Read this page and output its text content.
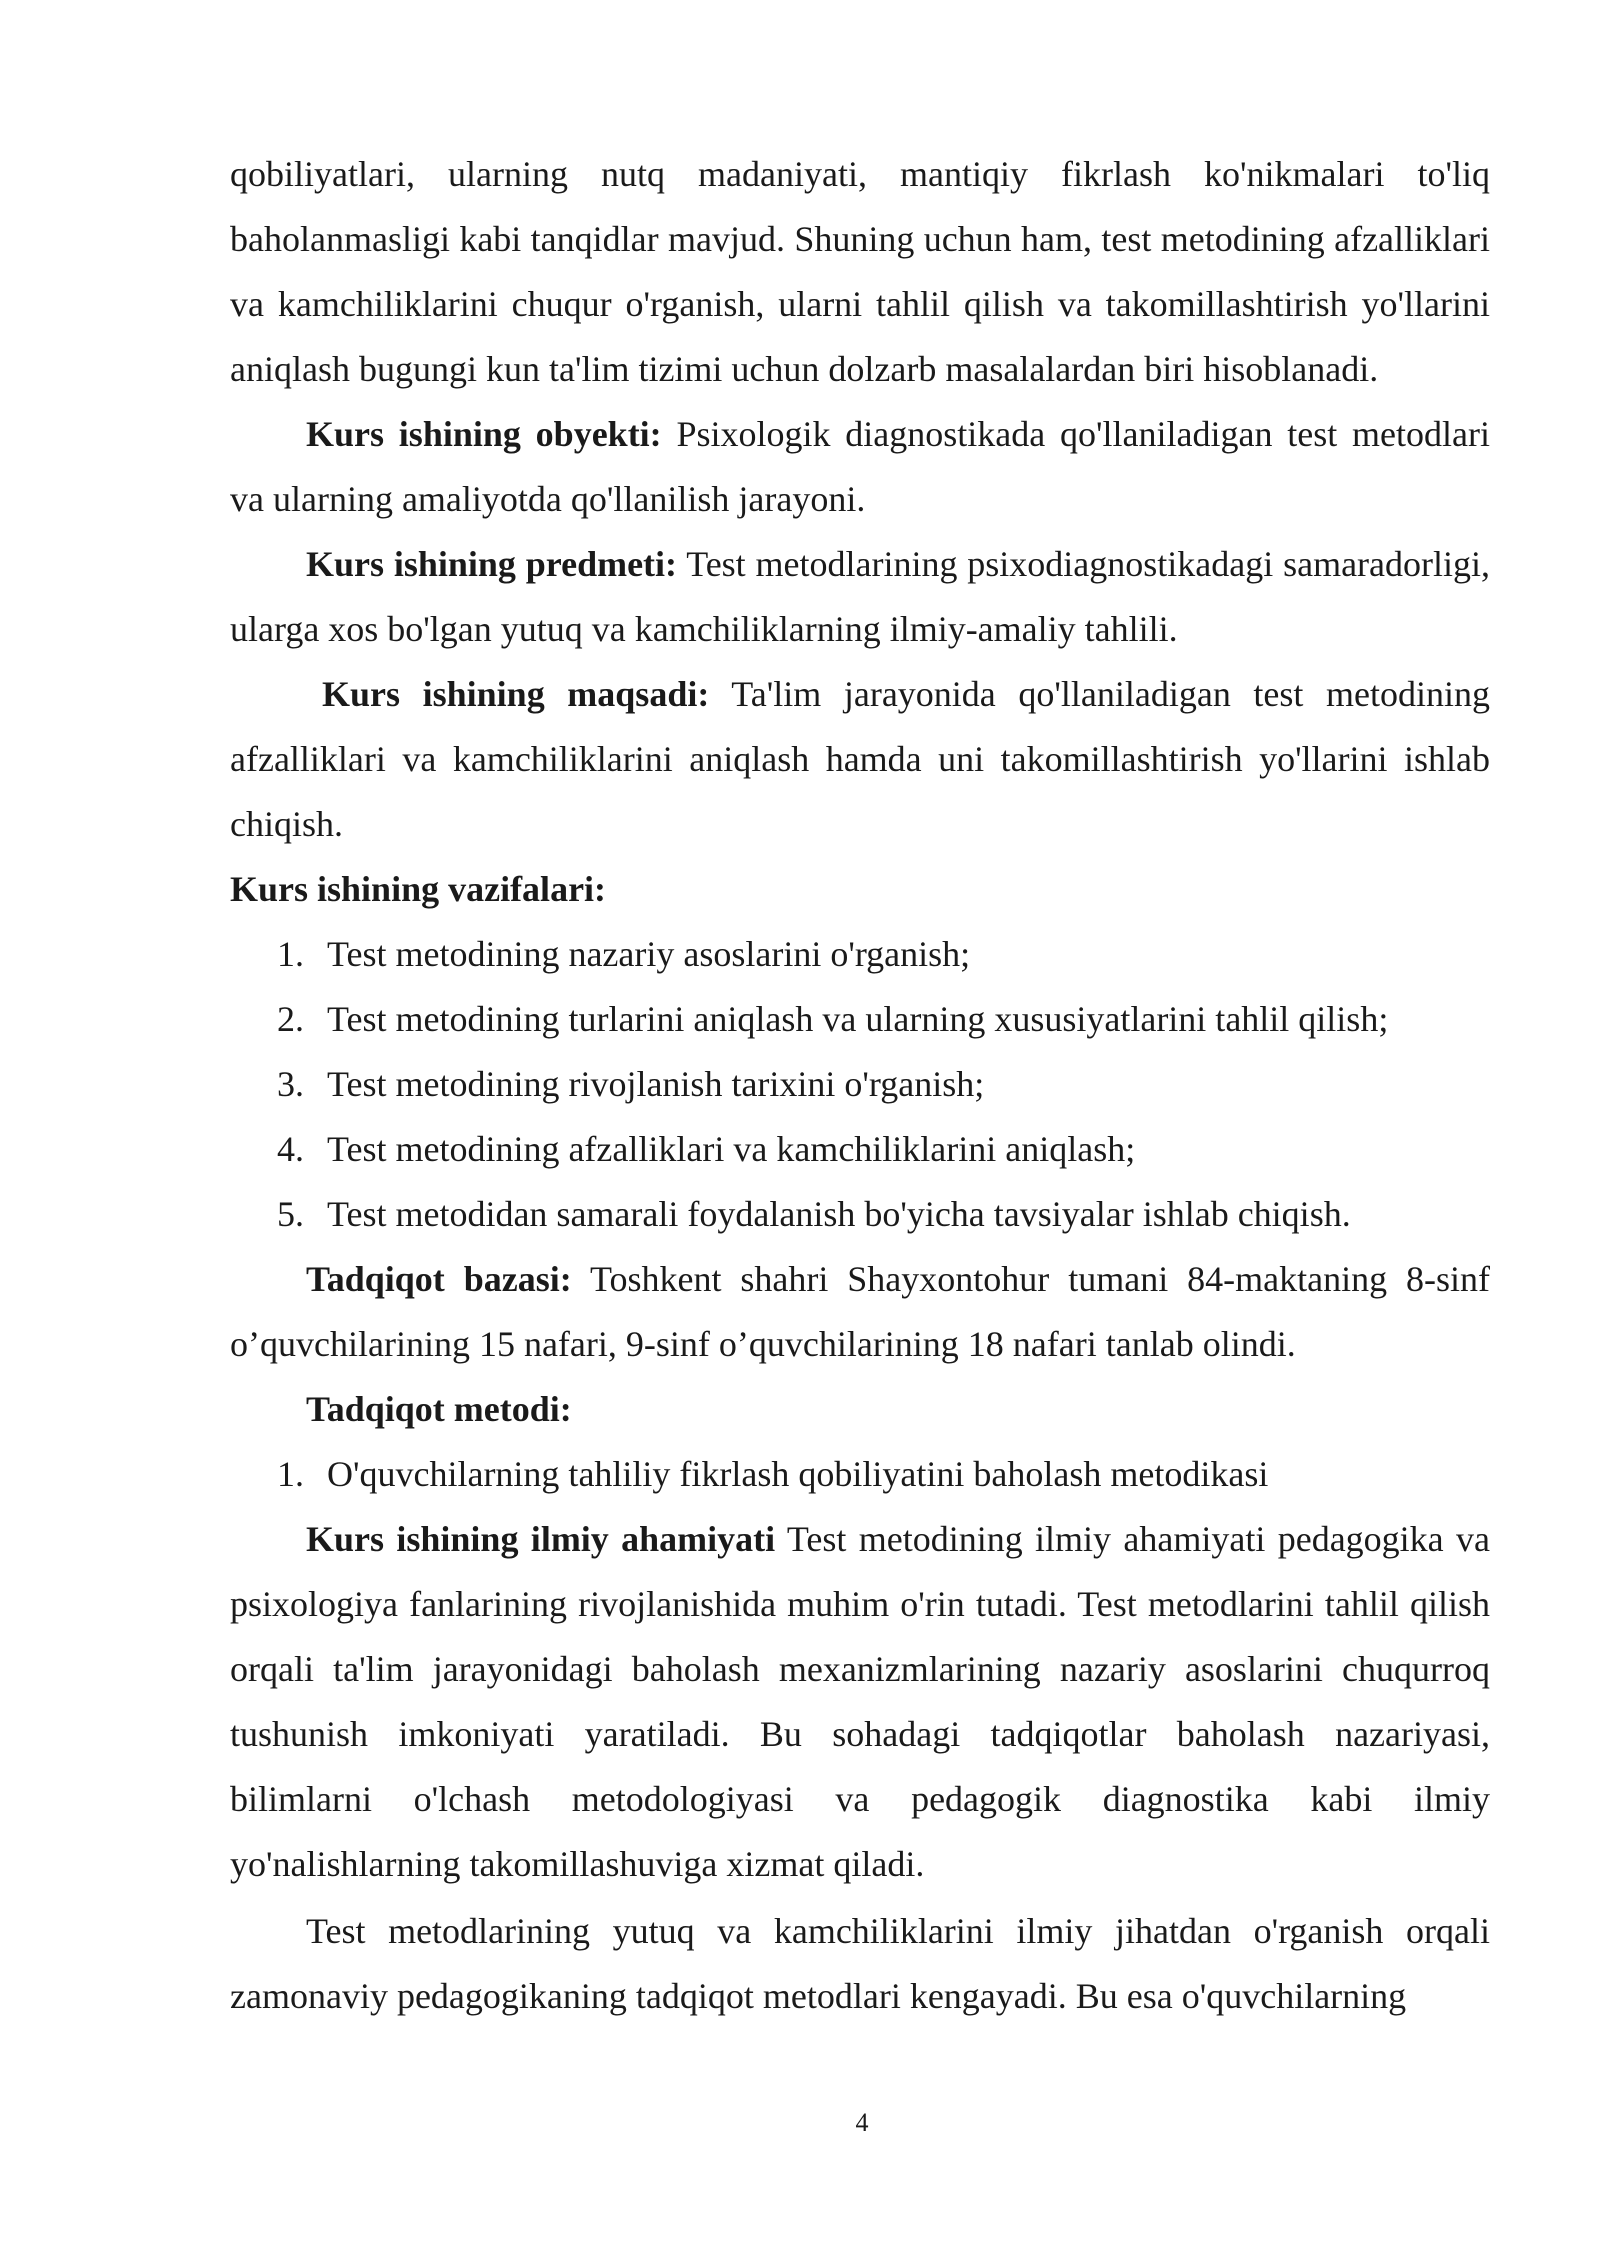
qobiliyatlari, ularning nutq madaniyati, mantiqiy fikrlash ko'nikmalari to'liq baholanmasligi kabi tanqidlar mavjud. Shuning uchun ham, test metodining afzalliklari va kamchiliklarini chuqur o'rganish, ularni tahlil qilish va takomillashtirish yo'llarini aniqlash bugungi kun ta'lim tizimi uchun dolzarb masalalardan biri hisoblanadi.

Kurs ishining obyekti: Psixologik diagnostikada qo'llaniladigan test metodlari va ularning amaliyotda qo'llanilish jarayoni.

Kurs ishining predmeti: Test metodlarining psixodiagnostikadagi samaradorligi, ularga xos bo'lgan yutuq va kamchiliklarning ilmiy-amaliy tahlili.

Kurs ishining maqsadi: Ta'lim jarayonida qo'llaniladigan test metodining afzalliklari va kamchiliklarini aniqlash hamda uni takomillashtirish yo'llarini ishlab chiqish.

Kurs ishining vazifalari:

1. Test metodining nazariy asoslarini o'rganish;

2. Test metodining turlarini aniqlash va ularning xususiyatlarini tahlil qilish;

3. Test metodining rivojlanish tarixini o'rganish;

4. Test metodining afzalliklari va kamchiliklarini aniqlash;

5. Test metodidan samarali foydalanish bo'yicha tavsiyalar ishlab chiqish.

Tadqiqot bazasi: Toshkent shahri Shayxontohur tumani 84-maktaning 8-sinf o’quvchilarining 15 nafari, 9-sinf o’quvchilarining 18 nafari tanlab olindi.

Tadqiqot metodi:

1. O'quvchilarning tahliliy fikrlash qobiliyatini baholash metodikasi

Kurs ishining ilmiy ahamiyati Test metodining ilmiy ahamiyati pedagogika va psixologiya fanlarining rivojlanishida muhim o'rin tutadi. Test metodlarini tahlil qilish orqali ta'lim jarayonidagi baholash mexanizmlarining nazariy asoslarini chuqurroq tushunish imkoniyati yaratiladi. Bu sohadagi tadqiqotlar baholash nazariyasi, bilimlarni o'lchash metodologiyasi va pedagogik diagnostika kabi ilmiy yo'nalishlarning takomillashuviga xizmat qiladi.

Test metodlarining yutuq va kamchiliklarini ilmiy jihatdan o'rganish orqali zamonaviy pedagogikaning tadqiqot metodlari kengayadi. Bu esa o'quvchilarning

4
